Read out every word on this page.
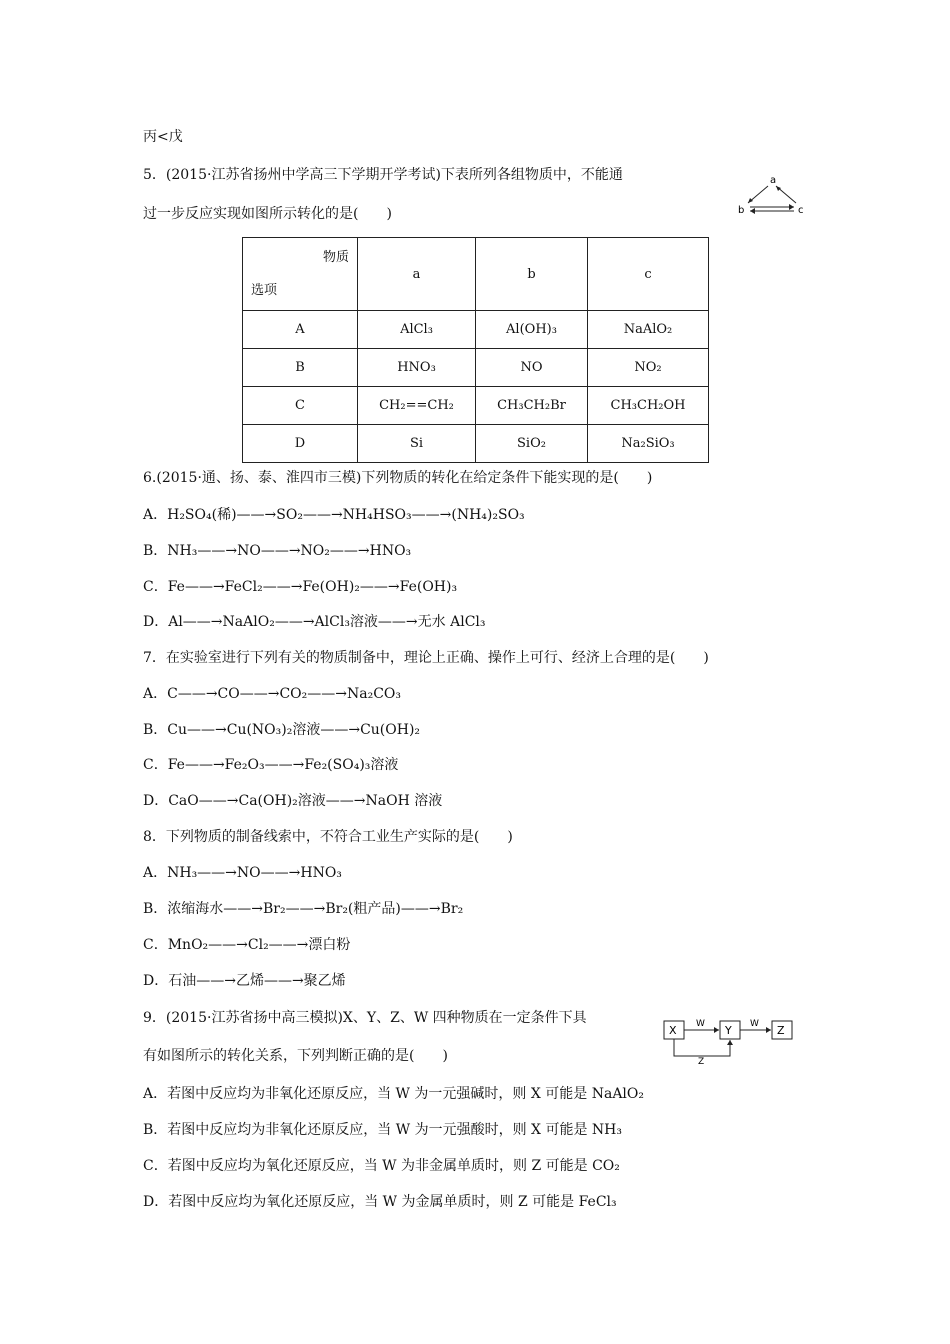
丙<戊
5．(2015·江苏省扬州中学高三下学期开学考试)下表所列各组物质中，不能通
过一步反应实现如图所示转化的是(　　)
a
b	c
物质
选项	a	b	c
A	AlCl₃	Al(OH)₃	NaAlO₂
B	HNO₃	NO	NO₂
C	CH₂==CH₂	CH₃CH₂Br	CH₃CH₂OH
D	Si	SiO₂	Na₂SiO₃
6.(2015·通、扬、泰、淮四市三模)下列物质的转化在给定条件下能实现的是(　　)
A．H₂SO₄(稀)——→SO₂——→NH₄HSO₃——→(NH₄)₂SO₃
B．NH₃——→NO——→NO₂——→HNO₃
C．Fe——→FeCl₂——→Fe(OH)₂——→Fe(OH)₃
D．Al——→NaAlO₂——→AlCl₃溶液——→无水 AlCl₃
7．在实验室进行下列有关的物质制备中，理论上正确、操作上可行、经济上合理的是(　　)
A．C——→CO——→CO₂——→Na₂CO₃
B．Cu——→Cu(NO₃)₂溶液——→Cu(OH)₂
C．Fe——→Fe₂O₃——→Fe₂(SO₄)₃溶液
D．CaO——→Ca(OH)₂溶液——→NaOH 溶液
8．下列物质的制备线索中，不符合工业生产实际的是(　　)
A．NH₃——→NO——→HNO₃
B．浓缩海水——→Br₂——→Br₂(粗产品)——→Br₂
C．MnO₂——→Cl₂——→漂白粉
D．石油——→乙烯——→聚乙烯
9．(2015·江苏省扬中高三模拟)X、Y、Z、W 四种物质在一定条件下具
有如图所示的转化关系，下列判断正确的是(　　)
X	Y	Z
W	W
Z
A．若图中反应均为非氧化还原反应，当 W 为一元强碱时，则 X 可能是 NaAlO₂
B．若图中反应均为非氧化还原反应，当 W 为一元强酸时，则 X 可能是 NH₃
C．若图中反应均为氧化还原反应，当 W 为非金属单质时，则 Z 可能是 CO₂
D．若图中反应均为氧化还原反应，当 W 为金属单质时，则 Z 可能是 FeCl₃
